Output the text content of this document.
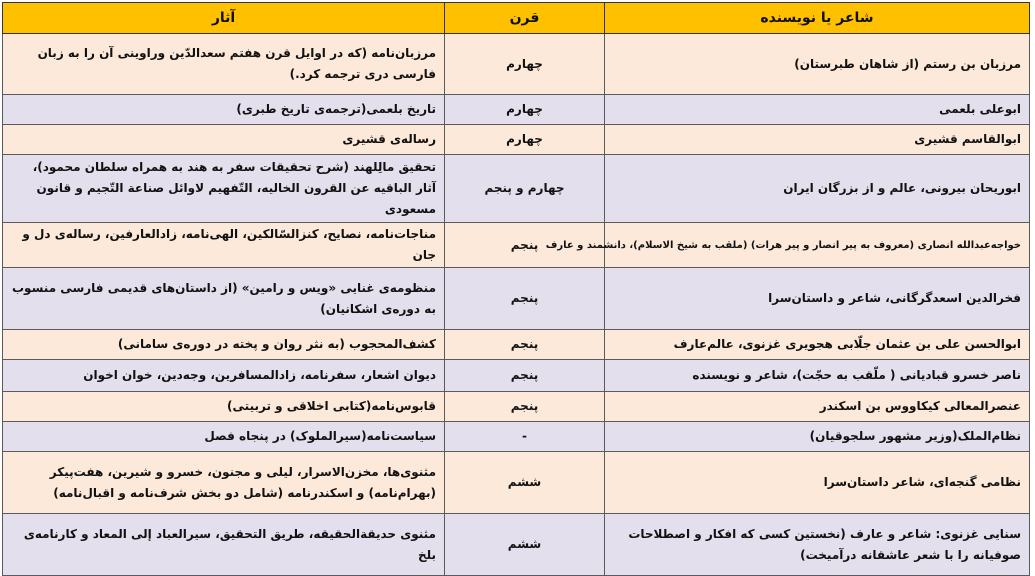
شاعر یا نویسنده	قرن	آثار
مرزبان بن رستم (از شاهان طبرستان)	چهارم	مرزبان‌نامه (که در اوایل قرن هفتم سعدالدّین وراوینی آن را به زبان فارسی دری ترجمه کرد.)
ابوعلی بلعمی	چهارم	تاریخ بلعمی(ترجمه‌ی تاریخ طبری)
ابوالقاسم قشیری	چهارم	رساله‌ی قشیری
ابوریحان بیرونی، عالم و از بزرگان ایران	چهارم و پنجم	تحقیق مالِلهند (شرح تحقیقات سفر به هند به همراه سلطان محمود)، آثار الباقیه عن القرون الخالیه، التّفهیم لاوائل صناعة التّجیم و قانون مسعودی
خواجه‌عبدالله انصاری (معروف به پیر انصار و پیر هرات) (ملقب به شیخ الاسلام)، دانشمند و عارف	پنجم	مناجات‌نامه، نصایح، کنزالسّالکین، الهی‌نامه، زادالعارفین، رساله‌ی دل و جان
فخرالدین اسعدگرگانی، شاعر و داستان‌سرا	پنجم	منظومه‌ی غنایی «ویس و رامین» (از داستان‌های قدیمی فارسی منسوب به دوره‌ی اشکانیان)
ابوالحسن علی بن عثمان جلّابی هجویری غزنوی، عالم‌عارف	پنجم	کشف‌المحجوب (به نثر روان و پخته در دوره‌ی سامانی)
ناصر خسرو قبادیانی ( ملّقب به حجّت)، شاعر و نویسنده	پنجم	دیوان اشعار، سفرنامه، زادالمسافرین، وجه‌دین، خوان اخوان
عنصرالمعالی کیکاووس بن اسکندر	پنجم	قابوس‌نامه(کتابی اخلاقی و تربیتی)
نظام‌الملک(وزیر مشهور سلجوقیان)	-	سیاست‌نامه(سیرالملوک) در پنجاه فصل
نظامی گنجه‌ای، شاعر داستان‌سرا	ششم	مثنوی‌ها، مخزن‌الاسرار، لیلی و مجنون، خسرو و شیرین، هفت‌پیکر (بهرام‌نامه) و اسکندرنامه (شامل دو بخش شرف‌نامه و اقبال‌نامه)
سنایی غزنوی: شاعر و عارف (نخستین کسی که افکار و اصطلاحات صوفیانه را با شعر عاشقانه درآمیخت)	ششم	مثنوی حدیقةالحقیقه، طریق التحقیق، سیرالعباد إلی المعاد و کارنامه‌ی بلخ
